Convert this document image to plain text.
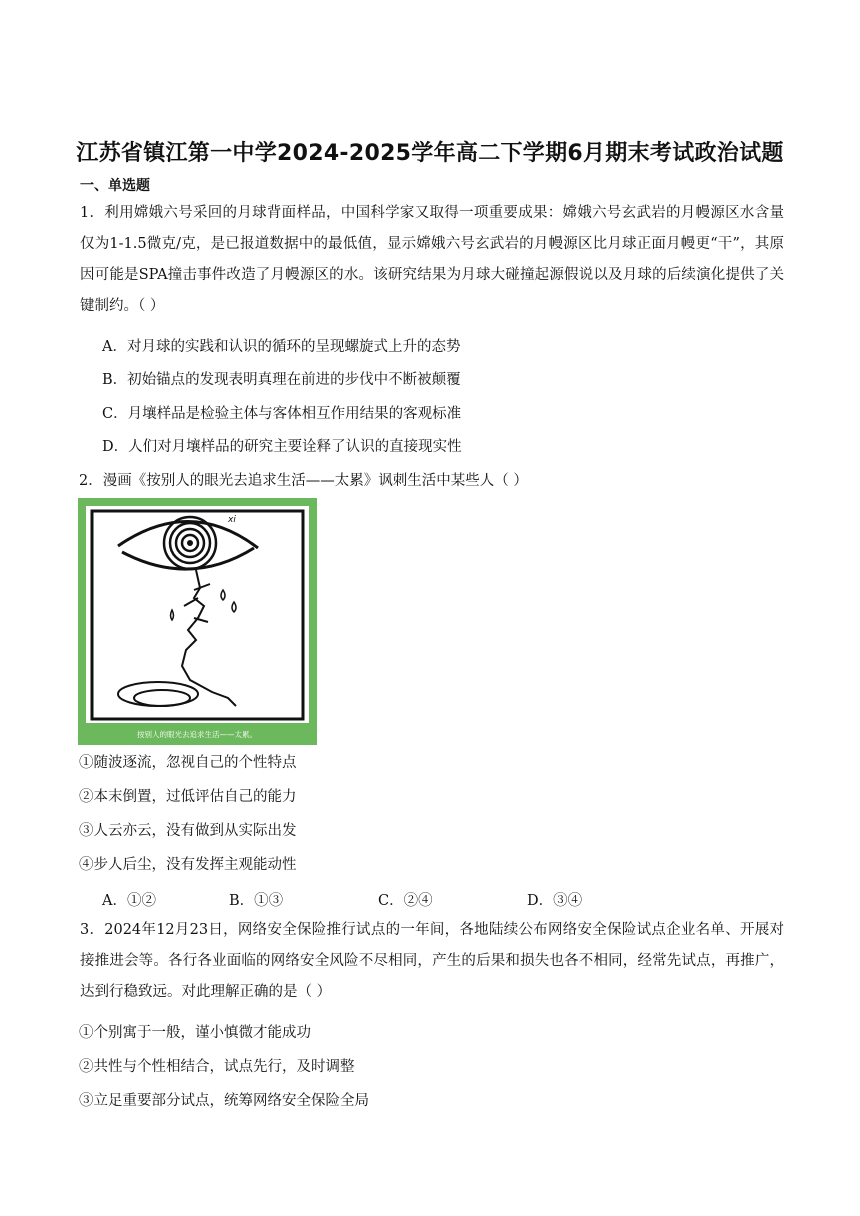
江苏省镇江第一中学2024-2025学年高二下学期6月期末考试政治试题
一、单选题
1．利用嫦娥六号采回的月球背面样品，中国科学家又取得一项重要成果：嫦娥六号玄武岩的月幔源区水含量仅为1-1.5微克/克，是已报道数据中的最低值，显示嫦娥六号玄武岩的月幔源区比月球正面月幔更“干”，其原因可能是SPA撞击事件改造了月幔源区的水。该研究结果为月球大碰撞起源假说以及月球的后续演化提供了关键制约。（ ）
A．对月球的实践和认识的循环的呈现螺旋式上升的态势
B．初始锚点的发现表明真理在前进的步伐中不断被颠覆
C．月壤样品是检验主体与客体相互作用结果的客观标准
D．人们对月壤样品的研究主要诠释了认识的直接现实性
2．漫画《按别人的眼光去追求生活——太累》讽刺生活中某些人（ ）
xi
按别人的眼光去追求生活——太累。
①随波逐流，忽视自己的个性特点
②本末倒置，过低评估自己的能力
③人云亦云，没有做到从实际出发
④步人后尘，没有发挥主观能动性
A．①②	B．①③	C．②④	D．③④
3．2024年12月23日，网络安全保险推行试点的一年间，各地陆续公布网络安全保险试点企业名单、开展对接推进会等。各行各业面临的网络安全风险不尽相同，产生的后果和损失也各不相同，经常先试点，再推广，达到行稳致远。对此理解正确的是（ ）
①个别寓于一般，谨小慎微才能成功
②共性与个性相结合，试点先行，及时调整
③立足重要部分试点，统筹网络安全保险全局
